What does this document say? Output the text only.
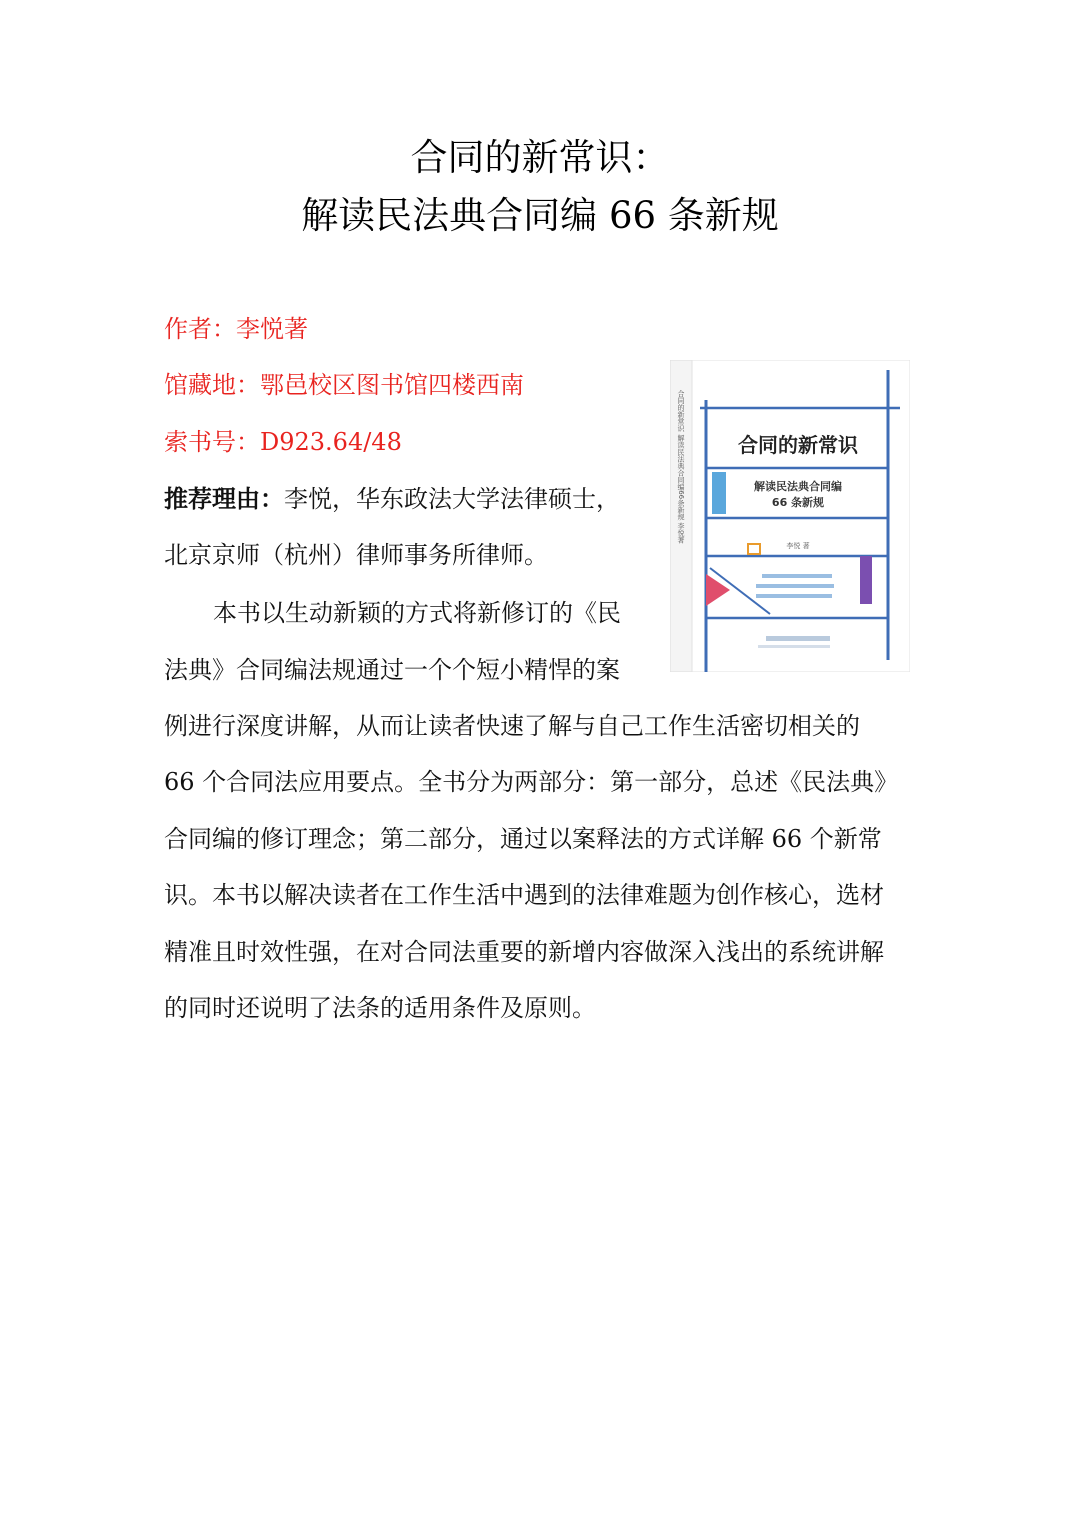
合同的新常识：
解读民法典合同编 66 条新规
作者：李悦著
馆藏地：鄂邑校区图书馆四楼西南
索书号：D923.64/48
推荐理由：李悦，华东政法大学法律硕士，
北京京师（杭州）律师事务所律师。
本书以生动新颖的方式将新修订的《民
法典》合同编法规通过一个个短小精悍的案
例进行深度讲解，从而让读者快速了解与自己工作生活密切相关的
66 个合同法应用要点。全书分为两部分：第一部分，总述《民法典》
合同编的修订理念；第二部分，通过以案释法的方式详解 66 个新常
识。本书以解决读者在工作生活中遇到的法律难题为创作核心，选材
精准且时效性强，在对合同法重要的新增内容做深入浅出的系统讲解
的同时还说明了法条的适用条件及原则。
合同的新常识 解读民法典合同编66条新规 李悦著	合同的新常识
解读民法典合同编
66 条新规
李悦 著
